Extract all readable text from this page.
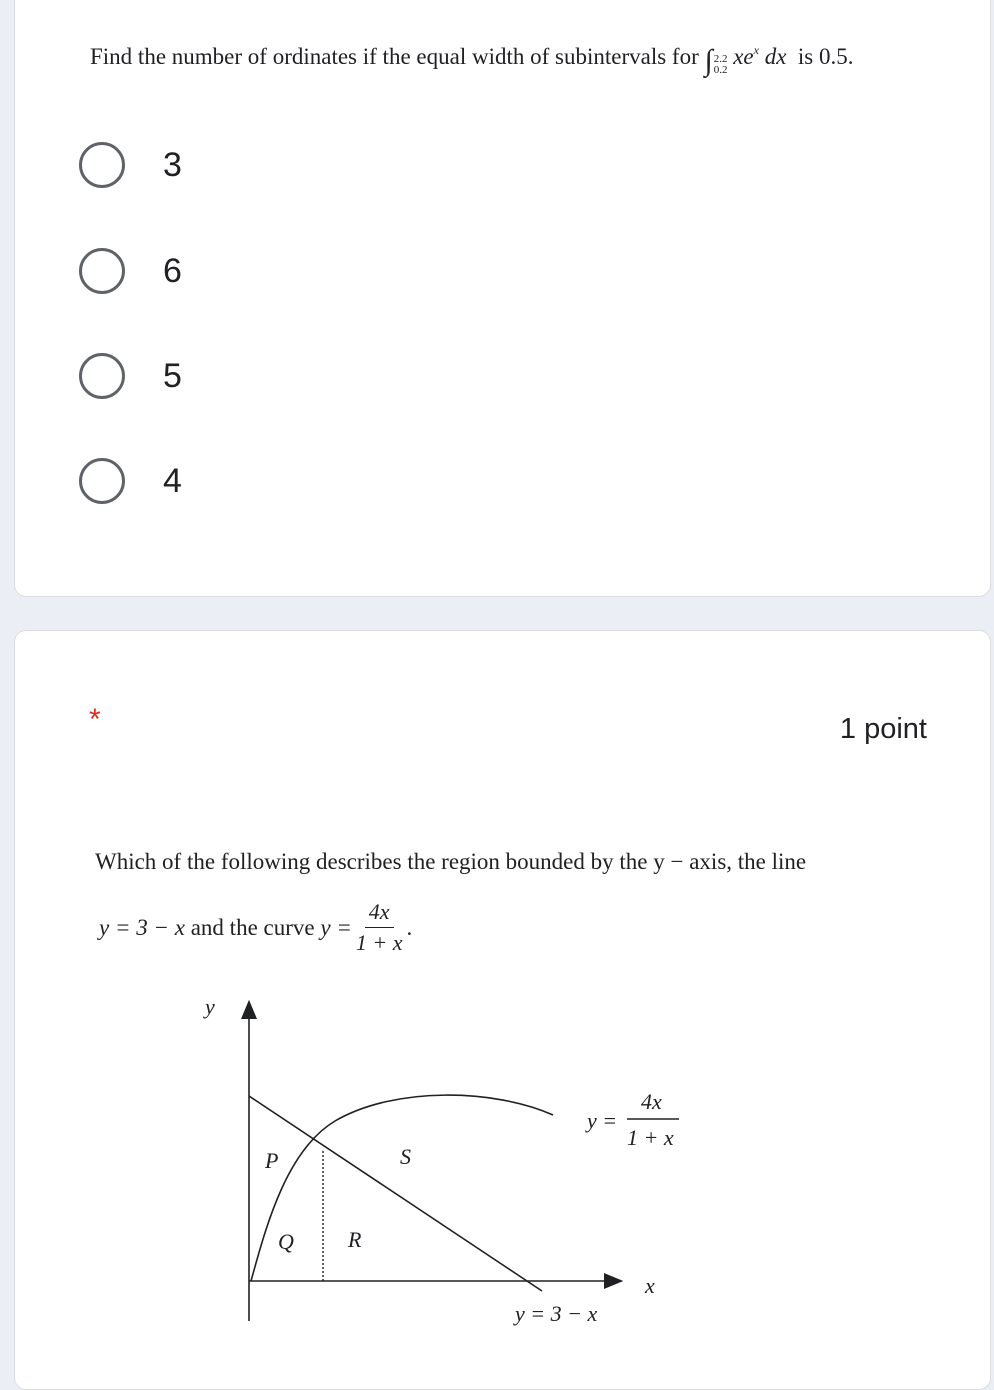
Find the number of ordinates if the equal width of subintervals for ∫ 2.2
0.2
$xe^x$ dx is 0.5.
3
6
5
4
*	1 point
Which of the following describes the region bounded by the y − axis, the line
y = 3 − x
and the curve
$y = \frac{4x}{1 + x}$ .
y
x
P	S
Q R
y =
4x
1 + x
y = 3 − x
